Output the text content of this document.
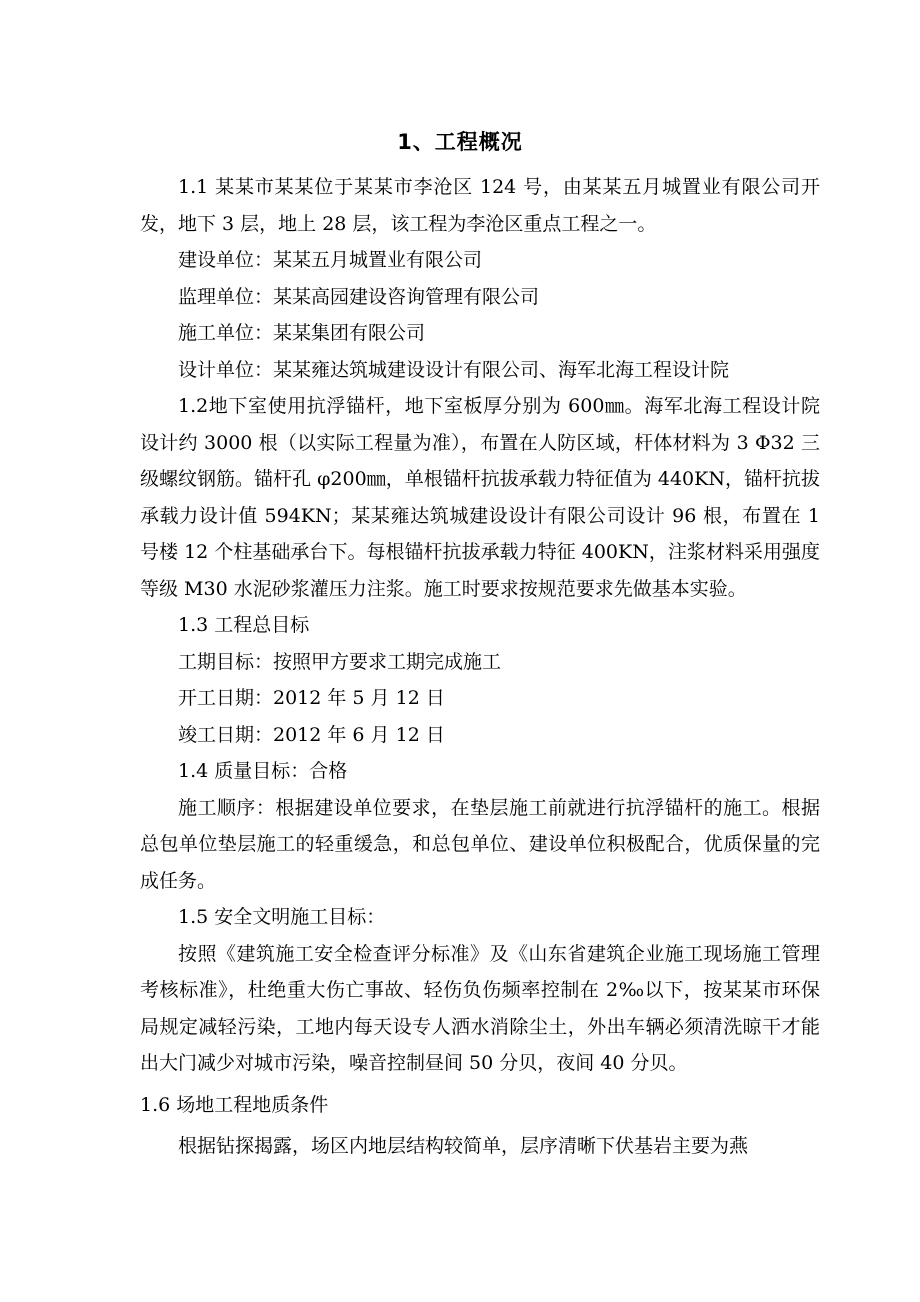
1、工程概况

1.1 某某市某某位于某某市李沧区 124 号，由某某五月城置业有限公司开发，地下 3 层，地上 28 层，该工程为李沧区重点工程之一。

建设单位：某某五月城置业有限公司

监理单位：某某高园建设咨询管理有限公司

施工单位：某某集团有限公司

设计单位：某某雍达筑城建设设计有限公司、海军北海工程设计院

1.2地下室使用抗浮锚杆，地下室板厚分别为 600㎜。海军北海工程设计院设计约 3000 根（以实际工程量为准），布置在人防区域，杆体材料为 3 Φ32 三级螺纹钢筋。锚杆孔 φ200㎜，单根锚杆抗拔承载力特征值为 440KN，锚杆抗拔承载力设计值 594KN；某某雍达筑城建设设计有限公司设计 96 根，布置在 1 号楼 12 个柱基础承台下。每根锚杆抗拔承载力特征 400KN，注浆材料采用强度等级 M30 水泥砂浆灌压力注浆。施工时要求按规范要求先做基本实验。

1.3 工程总目标

工期目标：按照甲方要求工期完成施工

开工日期：2012 年 5 月 12 日

竣工日期：2012 年 6 月 12 日

1.4 质量目标：合格

施工顺序：根据建设单位要求，在垫层施工前就进行抗浮锚杆的施工。根据总包单位垫层施工的轻重缓急，和总包单位、建设单位积极配合，优质保量的完成任务。

1.5 安全文明施工目标：

按照《建筑施工安全检查评分标准》及《山东省建筑企业施工现场施工管理考核标准》，杜绝重大伤亡事故、轻伤负伤频率控制在 2‰以下，按某某市环保局规定减轻污染，工地内每天设专人洒水消除尘土，外出车辆必须清洗晾干才能出大门减少对城市污染，噪音控制昼间 50 分贝，夜间 40 分贝。

1.6 场地工程地质条件

根据钻探揭露，场区内地层结构较简单，层序清晰下伏基岩主要为燕
